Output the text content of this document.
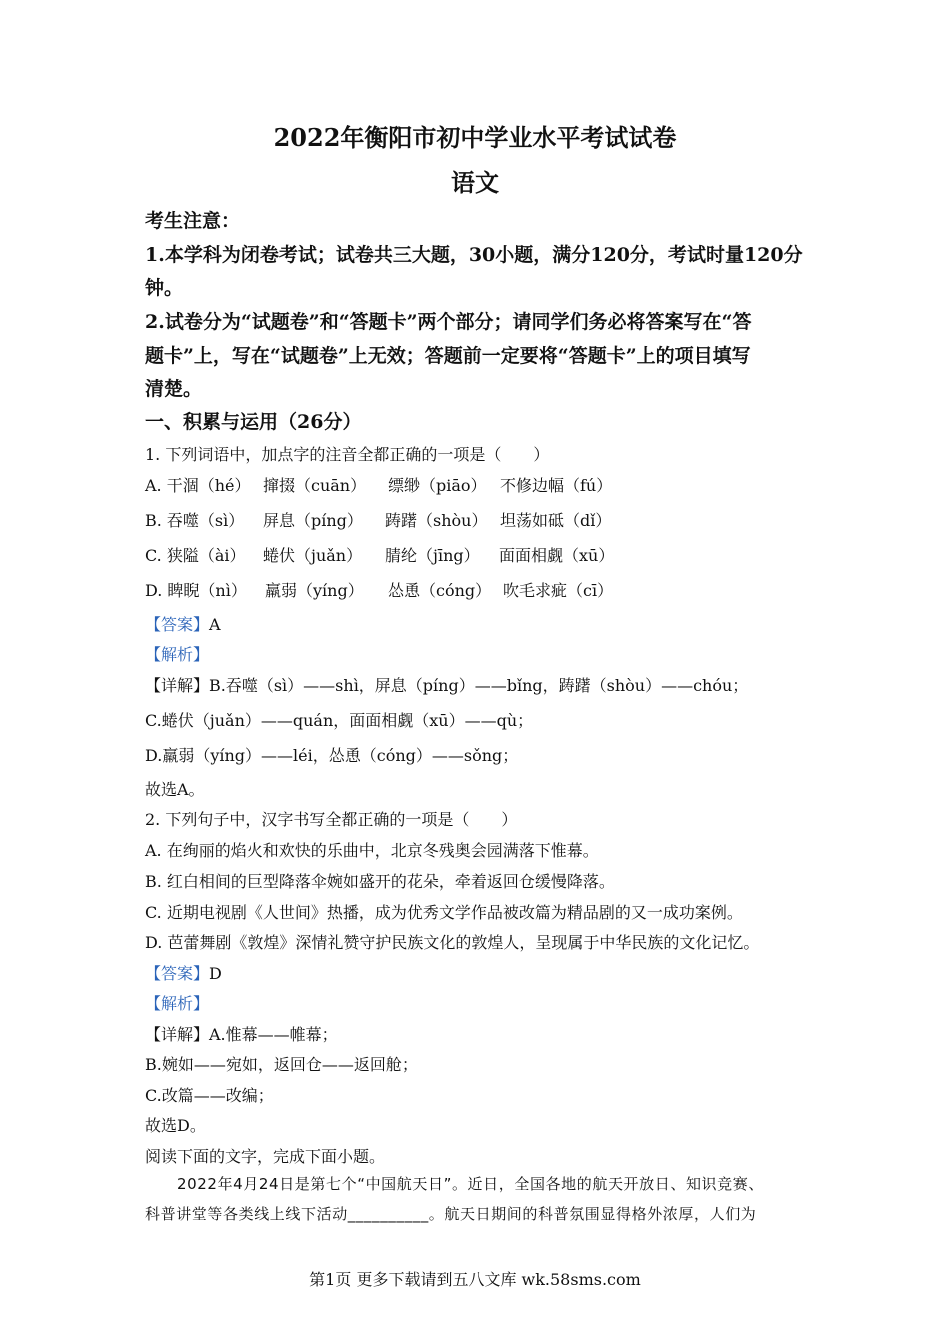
2022年衡阳市初中学业水平考试试卷
语文
考生注意：
1.本学科为闭卷考试；试卷共三大题，30小题，满分120分，考试时量120分
钟。
2.试卷分为“试题卷”和“答题卡”两个部分；请同学们务必将答案写在“答
题卡”上，写在“试题卷”上无效；答题前一定要将“答题卡”上的项目填写
清楚。
一、积累与运用（26分）
1. 下列词语中，加点字的注音全都正确的一项是（　　）
A. 干涸（hé） 撺掇（cuān） 缥缈（piāo） 不修边幅（fú）
B. 吞噬（sì） 屏息（píng） 踌躇（shòu） 坦荡如砥（dǐ）
C. 狭隘（ài） 蜷伏（juǎn） 腈纶（jīng） 面面相觑（xū）
D. 睥睨（nì） 羸弱（yíng） 怂恿（cóng） 吹毛求疵（cī）
【答案】A
【解析】
【详解】B.吞噬（sì）——shì，屏息（píng）——bǐng，踌躇（shòu）——chóu；
C.蜷伏（juǎn）——quán，面面相觑（xū）——qù；
D.羸弱（yíng）——léi，怂恿（cóng）——sǒng；
故选A。
2. 下列句子中，汉字书写全都正确的一项是（　　）
A. 在绚丽的焰火和欢快的乐曲中，北京冬残奥会园满落下惟幕。
B. 红白相间的巨型降落伞婉如盛开的花朵，牵着返回仓缓慢降落。
C. 近期电视剧《人世间》热播，成为优秀文学作品被改篇为精品剧的又一成功案例。
D. 芭蕾舞剧《敦煌》深情礼赞守护民族文化的敦煌人，呈现属于中华民族的文化记忆。
【答案】D
【解析】
【详解】A.惟幕——帷幕；
B.婉如——宛如，返回仓——返回舱；
C.改篇——改编；
故选D。
阅读下面的文字，完成下面小题。
2022年4月24日是第七个“中国航天日”。近日，全国各地的航天开放日、知识竞赛、
科普讲堂等各类线上线下活动__________。航天日期间的科普氛围显得格外浓厚，人们为
第1页 更多下载请到五八文库 wk.58sms.com
